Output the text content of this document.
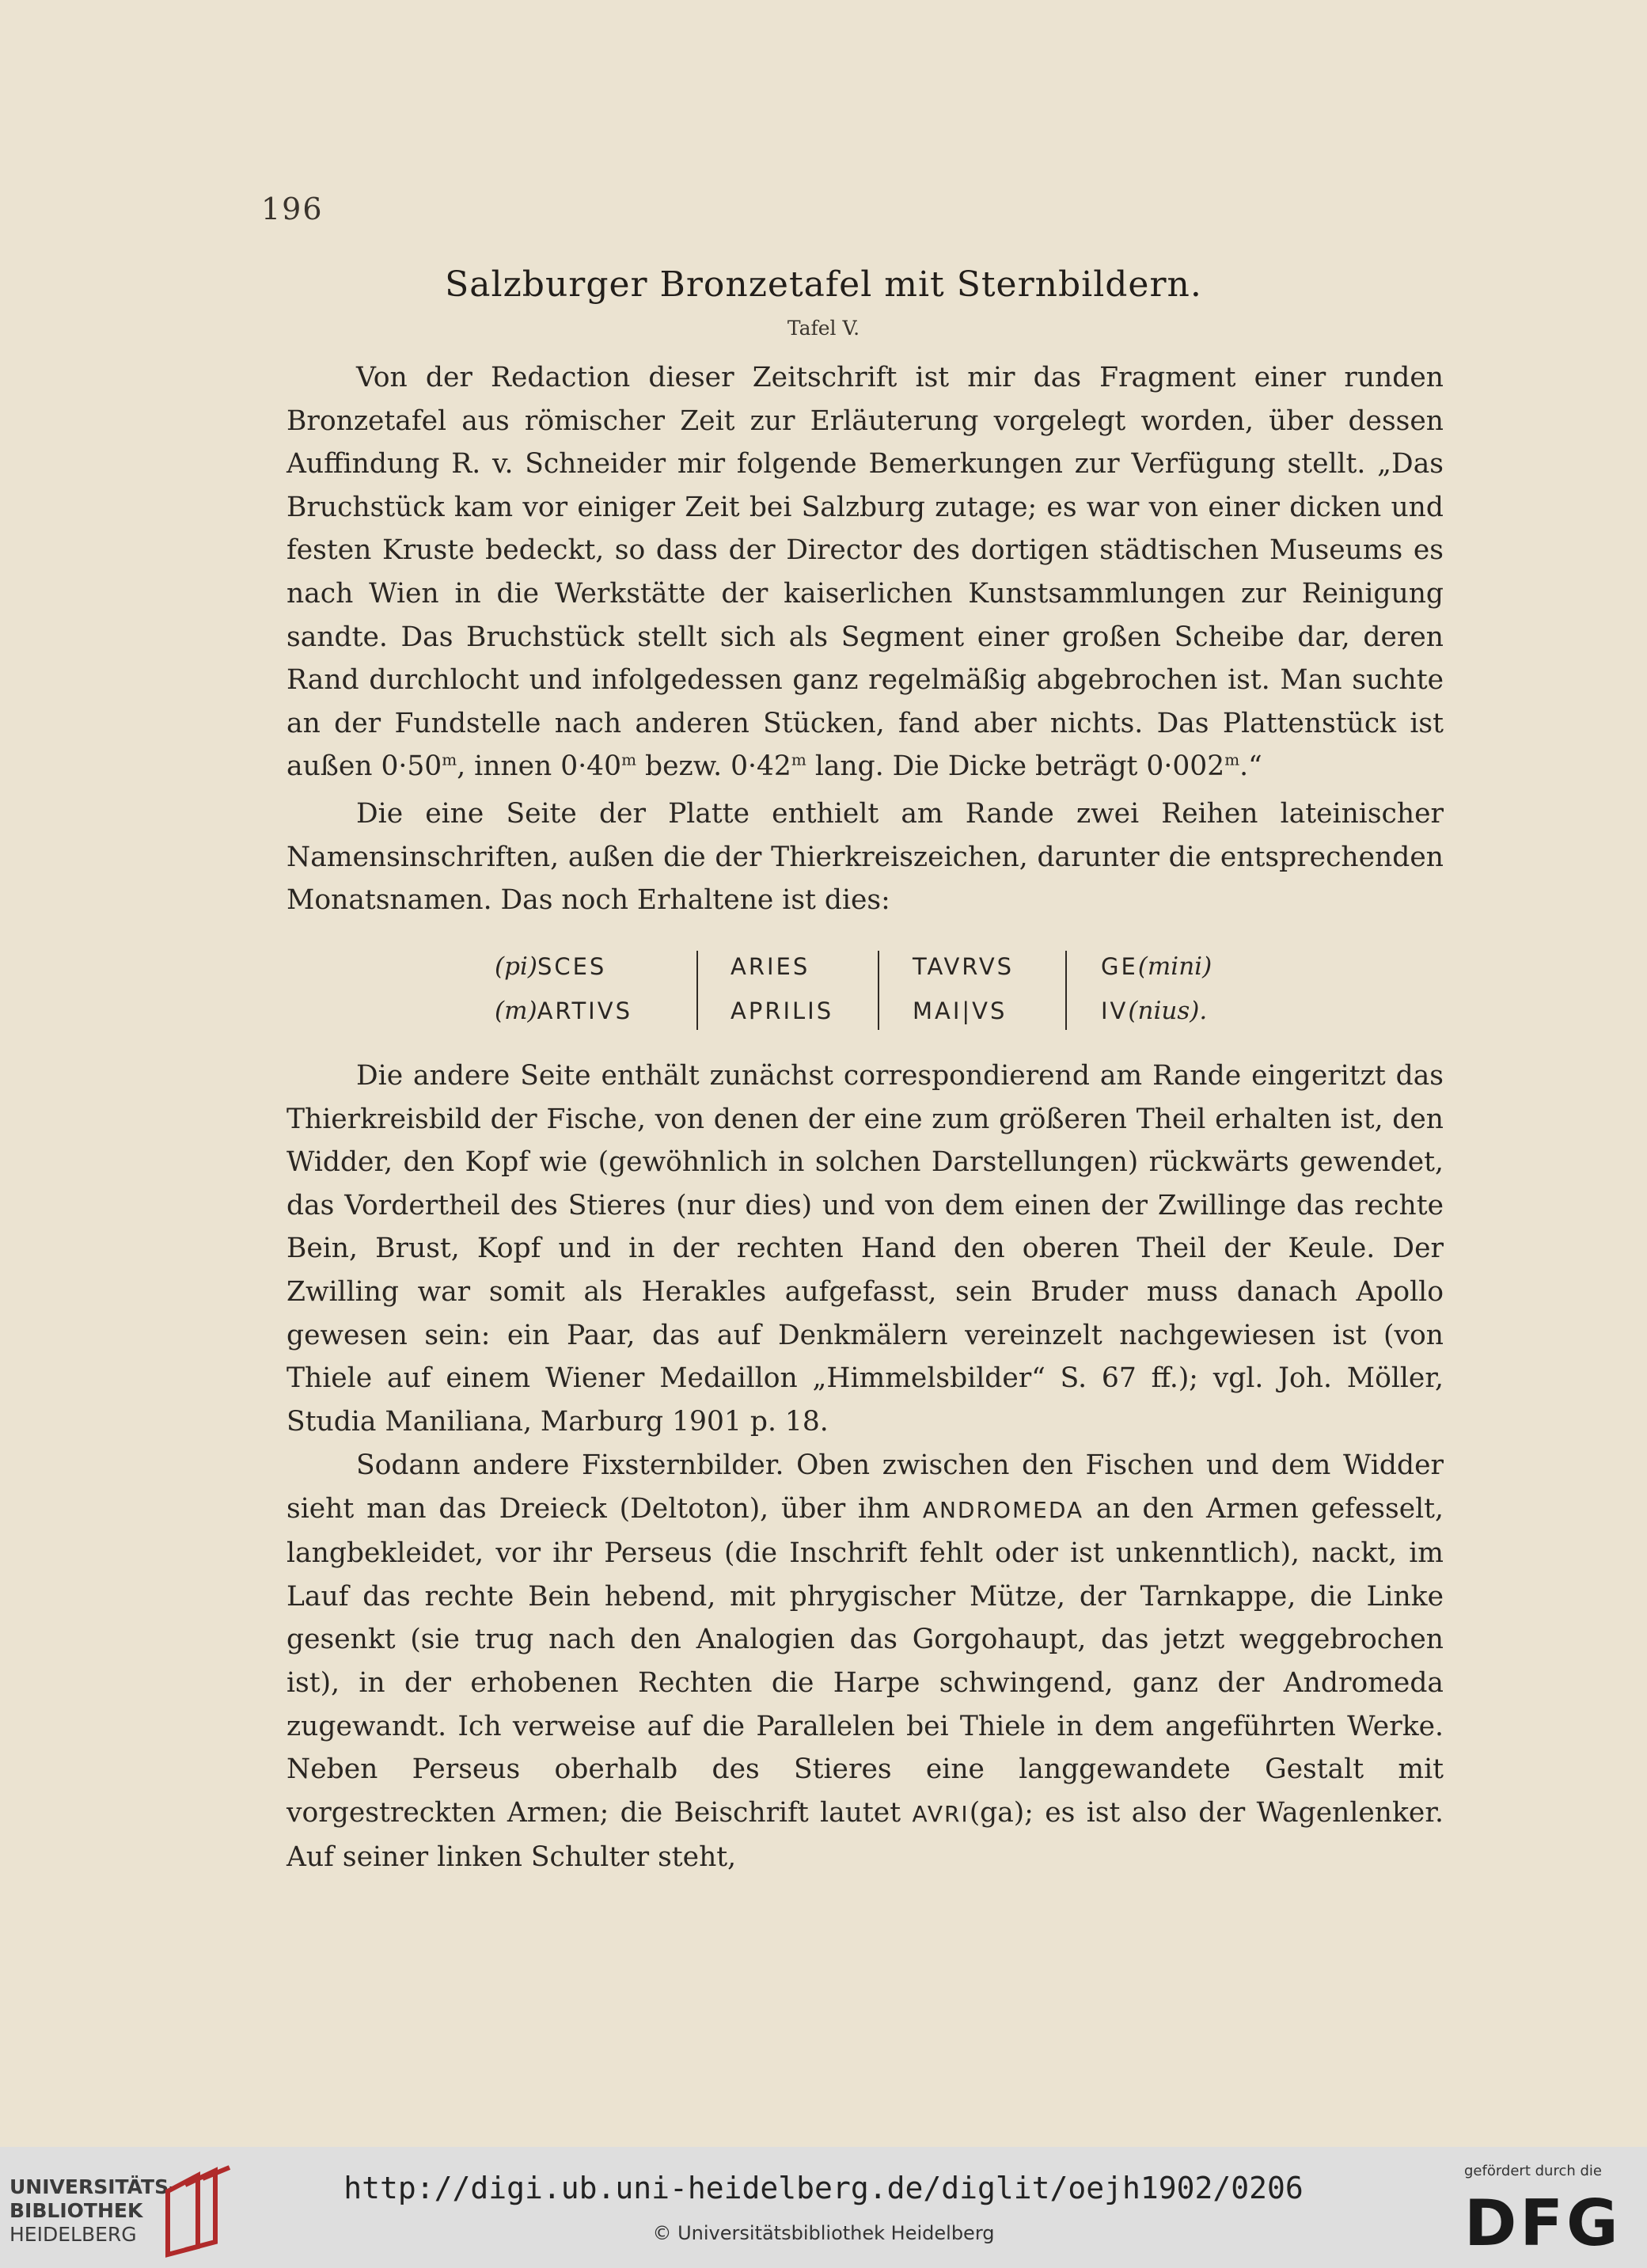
196
Salzburger Bronzetafel mit Sternbildern.
Tafel V.

Von der Redaction dieser Zeitschrift ist mir das Fragment einer runden Bronzetafel aus römischer Zeit zur Erläuterung vorgelegt worden, über dessen Auffindung R. v. Schneider mir folgende Bemerkungen zur Verfügung stellt. „Das Bruchstück kam vor einiger Zeit bei Salzburg zutage; es war von einer dicken und festen Kruste bedeckt, so dass der Director des dortigen städtischen Museums es nach Wien in die Werkstätte der kaiserlichen Kunstsammlungen zur Reinigung sandte. Das Bruchstück stellt sich als Segment einer großen Scheibe dar, deren Rand durchlocht und infolgedessen ganz regelmäßig abgebrochen ist. Man suchte an der Fundstelle nach anderen Stücken, fand aber nichts. Das Plattenstück ist außen $0\cdot 50^m$, innen $0\cdot 40^m$ bezw. $0\cdot 42^m$ lang. Die Dicke beträgt $0\cdot 002^m.“$

Die eine Seite der Platte enthielt am Rande zwei Reihen lateinischer Namensinschriften, außen die der Thierkreiszeichen, darunter die entsprechenden Monatsnamen. Das noch Erhaltene ist dies:

(pi)SCES
(m)ARTIVS
ARIES
APRILIS
TAVRVS
MAI|VS
GE(mini)
IV(nius).

Die andere Seite enthält zunächst correspondierend am Rande eingeritzt das Thierkreisbild der Fische, von denen der eine zum größeren Theil erhalten ist, den Widder, den Kopf wie (gewöhnlich in solchen Darstellungen) rückwärts gewendet, das Vordertheil des Stieres (nur dies) und von dem einen der Zwillinge das rechte Bein, Brust, Kopf und in der rechten Hand den oberen Theil der Keule. Der Zwilling war somit als Herakles aufgefasst, sein Bruder muss danach Apollo gewesen sein: ein Paar, das auf Denkmälern vereinzelt nachgewiesen ist (von Thiele auf einem Wiener Medaillon „Himmelsbilder“ S. 67 ff.); vgl. Joh. Möller, Studia Maniliana, Marburg 1901 p. 18.

Sodann andere Fixsternbilder. Oben zwischen den Fischen und dem Widder sieht man das Dreieck (Deltoton), über ihm ANDROMEDA an den Armen gefesselt, langbekleidet, vor ihr Perseus (die Inschrift fehlt oder ist unkenntlich), nackt, im Lauf das rechte Bein hebend, mit phrygischer Mütze, der Tarnkappe, die Linke gesenkt (sie trug nach den Analogien das Gorgohaupt, das jetzt weggebrochen ist), in der erhobenen Rechten die Harpe schwingend, ganz der Andromeda zugewandt. Ich verweise auf die Parallelen bei Thiele in dem angeführten Werke. Neben Perseus oberhalb des Stieres eine langgewandete Gestalt mit vorgestreckten Armen; die Beischrift lautet AVRI(ga); es ist also der Wagenlenker. Auf seiner linken Schulter steht,

UNIVERSITÄTS-
BIBLIOTHEK
HEIDELBERG
http://digi.ub.uni-heidelberg.de/diglit/oejh1902/0206
© Universitätsbibliothek Heidelberg
gefördert durch die
DFG
